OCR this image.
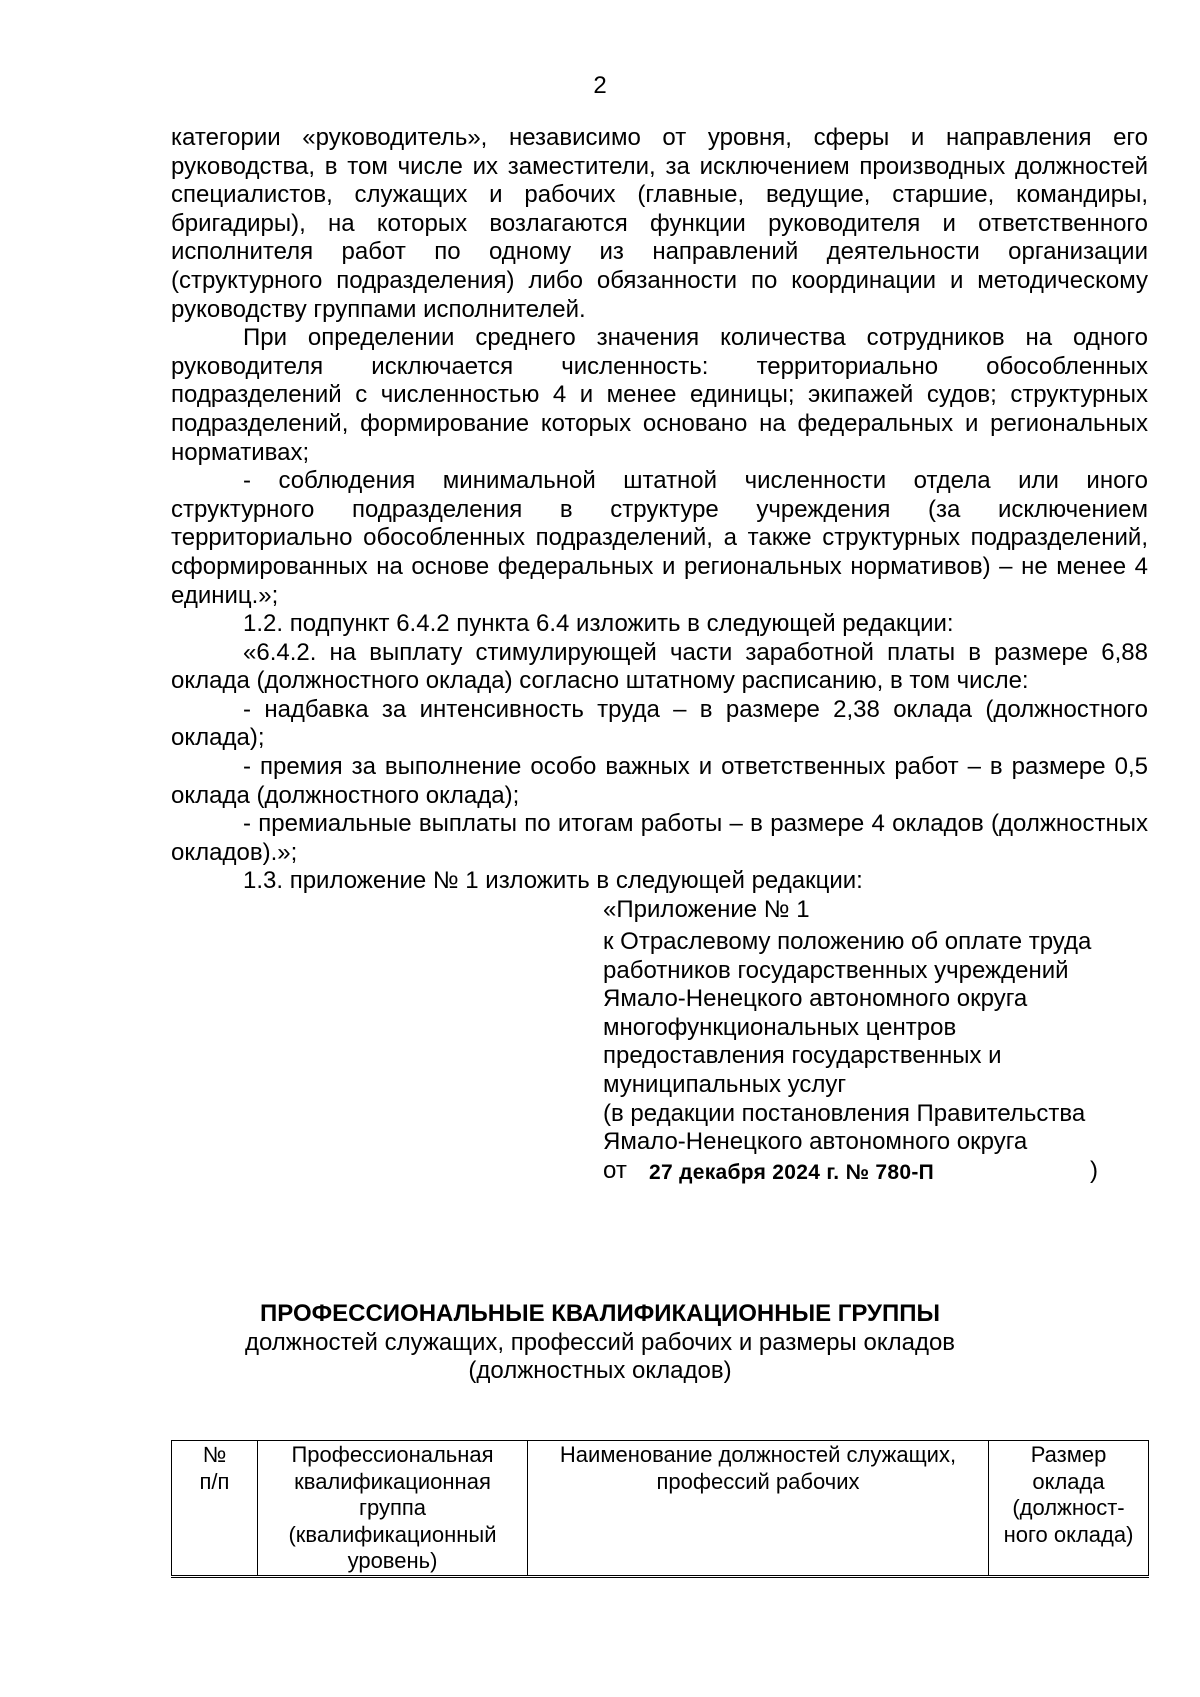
2

категории «руководитель», независимо от уровня, сферы и направления его руководства, в том числе их заместители, за исключением производных должностей специалистов, служащих и рабочих (главные, ведущие, старшие, командиры, бригадиры), на которых возлагаются функции руководителя и ответственного исполнителя работ по одному из направлений деятельности организации (структурного подразделения) либо обязанности по координации и методическому руководству группами исполнителей.

При определении среднего значения количества сотрудников на одного руководителя исключается численность: территориально обособленных подразделений с численностью 4 и менее единицы; экипажей судов; структурных подразделений, формирование которых основано на федеральных и региональных нормативах;

- соблюдения минимальной штатной численности отдела или иного структурного подразделения в структуре учреждения (за исключением территориально обособленных подразделений, а также структурных подразделений, сформированных на основе федеральных и региональных нормативов) – не менее 4 единиц.»;

1.2. подпункт 6.4.2 пункта 6.4 изложить в следующей редакции:

«6.4.2. на выплату стимулирующей части заработной платы в размере 6,88 оклада (должностного оклада) согласно штатному расписанию, в том числе:

- надбавка за интенсивность труда – в размере 2,38 оклада (должностного оклада);

- премия за выполнение особо важных и ответственных работ – в размере 0,5 оклада (должностного оклада);

- премиальные выплаты по итогам работы – в размере 4 окладов (должностных окладов).»;

1.3. приложение № 1 изложить в следующей редакции:

«Приложение № 1

к Отраслевому положению об оплате труда

работников государственных учреждений

Ямало-Ненецкого автономного округа

многофункциональных центров

предоставления государственных и

муниципальных услуг

(в редакции постановления Правительства

Ямало-Ненецкого автономного округа

от 27 декабря 2024 г. № 780-П	)
ПРОФЕССИОНАЛЬНЫЕ КВАЛИФИКАЦИОННЫЕ ГРУППЫ
должностей служащих, профессий рабочих и размеры окладов
(должностных окладов)
№ п/п	Профессиональная квалификационная группа (квалификационный уровень)	Наименование должностей служащих, профессий рабочих	Размер оклада (должност-ного оклада)
